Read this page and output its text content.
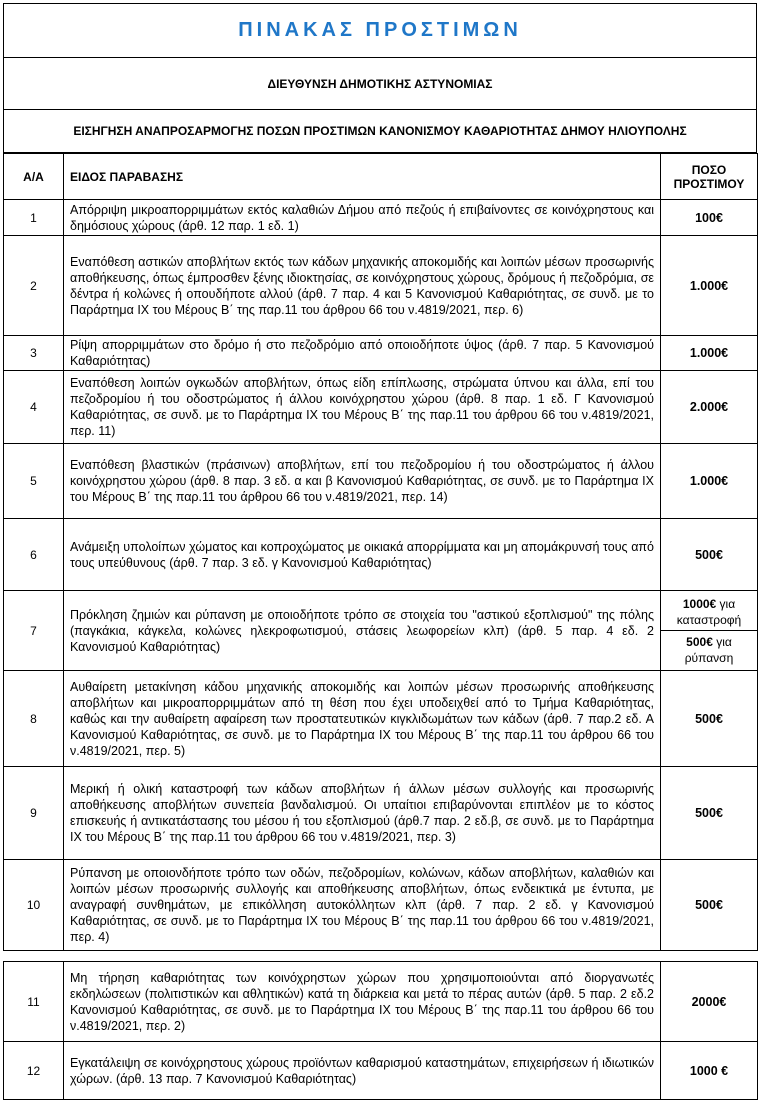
ΠΙΝΑΚΑΣ ΠΡΟΣΤΙΜΩΝ
ΔΙΕΥΘΥΝΣΗ ΔΗΜΟΤΙΚΗΣ ΑΣΤΥΝΟΜΙΑΣ
ΕΙΣΗΓΗΣΗ ΑΝΑΠΡΟΣΑΡΜΟΓΗΣ ΠΟΣΩΝ ΠΡΟΣΤΙΜΩΝ ΚΑΝΟΝΙΣΜΟΥ ΚΑΘΑΡΙΟΤΗΤΑΣ ΔΗΜΟΥ ΗΛΙΟΥΠΟΛΗΣ
Α/Α	ΕΙΔΟΣ ΠΑΡΑΒΑΣΗΣ	ΠΟΣΟ ΠΡΟΣΤΙΜΟΥ
1	Απόρριψη μικροαπορριμμάτων εκτός καλαθιών Δήμου από πεζούς ή επιβαίνοντες σε κοινόχρηστους και δημόσιους χώρους (άρθ. 12 παρ. 1 εδ. 1)	100€
2	Εναπόθεση αστικών αποβλήτων εκτός των κάδων μηχανικής αποκομιδής και λοιπών μέσων προσωρινής αποθήκευσης, όπως έμπροσθεν ξένης ιδιοκτησίας, σε κοινόχρηστους χώρους, δρόμους ή πεζοδρόμια, σε δέντρα ή κολώνες ή οπουδήποτε αλλού (άρθ. 7 παρ. 4 και 5 Κανονισμού Καθαριότητας, σε συνδ. με το Παράρτημα ΙΧ του Μέρους Β΄ της παρ.11 του άρθρου 66 του ν.4819/2021, περ. 6)	1.000€
3	Ρίψη απορριμμάτων στο δρόμο ή στο πεζοδρόμιο από οποιοδήποτε ύψος (άρθ. 7 παρ. 5 Κανονισμού Καθαριότητας)	1.000€
4	Εναπόθεση λοιπών ογκωδών αποβλήτων, όπως είδη επίπλωσης, στρώματα ύπνου και άλλα, επί του πεζοδρομίου ή του οδοστρώματος ή άλλου κοινόχρηστου χώρου (άρθ. 8 παρ. 1 εδ. Γ Κανονισμού Καθαριότητας, σε συνδ. με το Παράρτημα ΙΧ του Μέρους Β΄ της παρ.11 του άρθρου 66 του ν.4819/2021, περ. 11)	2.000€
5	Εναπόθεση βλαστικών (πράσινων) αποβλήτων, επί του πεζοδρομίου ή του οδοστρώματος ή άλλου κοινόχρηστου χώρου (άρθ. 8 παρ. 3 εδ. α και β Κανονισμού Καθαριότητας, σε συνδ. με το Παράρτημα ΙΧ του Μέρους Β΄ της παρ.11 του άρθρου 66 του ν.4819/2021, περ. 14)	1.000€
6	Ανάμειξη υπολοίπων χώματος και κοπροχώματος με οικιακά απορρίμματα και μη απομάκρυνσή τους από τους υπεύθυνους (άρθ. 7 παρ. 3 εδ. γ Κανονισμού Καθαριότητας)	500€
7	Πρόκληση ζημιών και ρύπανση με οποιοδήποτε τρόπο σε στοιχεία του "αστικού εξοπλισμού" της πόλης (παγκάκια, κάγκελα, κολώνες ηλεκροφωτισμού, στάσεις λεωφορείων κλπ) (άρθ. 5 παρ. 4 εδ. 2 Κανονισμού Καθαριότητας)	1000€ για καταστροφή
500€ για ρύπανση

8	Αυθαίρετη μετακίνηση κάδου μηχανικής αποκομιδής και λοιπών μέσων προσωρινής αποθήκευσης αποβλήτων και μικροαπορριμμάτων από τη θέση που έχει υποδειχθεί από το Τμήμα Καθαριότητας, καθώς και την αυθαίρετη αφαίρεση των προστατευτικών κιγκλιδωμάτων των κάδων (άρθ. 7 παρ.2 εδ. Α Κανονισμού Καθαριότητας, σε συνδ. με το Παράρτημα ΙΧ του Μέρους Β΄ της παρ.11 του άρθρου 66 του ν.4819/2021, περ. 5)	500€
9	Μερική ή ολική καταστροφή των κάδων αποβλήτων ή άλλων μέσων συλλογής και προσωρινής αποθήκευσης αποβλήτων συνεπεία βανδαλισμού. Οι υπαίτιοι επιβαρύνονται επιπλέον με το κόστος επισκευής ή αντικατάστασης του μέσου ή του εξοπλισμού (άρθ.7 παρ. 2 εδ.β, σε συνδ. με το Παράρτημα ΙΧ του Μέρους Β΄ της παρ.11 του άρθρου 66 του ν.4819/2021, περ. 3)	500€
10	Ρύπανση με οποιονδήποτε τρόπο των οδών, πεζοδρομίων, κολώνων, κάδων αποβλήτων, καλαθιών και λοιπών μέσων προσωρινής συλλογής και αποθήκευσης αποβλήτων, όπως ενδεικτικά με έντυπα, με αναγραφή συνθημάτων, με επικόλληση αυτοκόλλητων κλπ (άρθ. 7 παρ. 2 εδ. γ Κανονισμού Καθαριότητας, σε συνδ. με το Παράρτημα ΙΧ του Μέρους Β΄ της παρ.11 του άρθρου 66 του ν.4819/2021, περ. 4)	500€
11	Μη τήρηση καθαριότητας των κοινόχρηστων χώρων που χρησιμοποιούνται από διοργανωτές εκδηλώσεων (πολιτιστικών και αθλητικών) κατά τη διάρκεια και μετά το πέρας αυτών (άρθ. 5 παρ. 2 εδ.2 Κανονισμού Καθαριότητας, σε συνδ. με το Παράρτημα ΙΧ του Μέρους Β΄ της παρ.11 του άρθρου 66 του ν.4819/2021, περ. 2)	2000€
12	Εγκατάλειψη σε κοινόχρηστους χώρους προϊόντων καθαρισμού καταστημάτων, επιχειρήσεων ή ιδιωτικών χώρων. (άρθ. 13 παρ. 7 Κανονισμού Καθαριότητας)	1000 €
